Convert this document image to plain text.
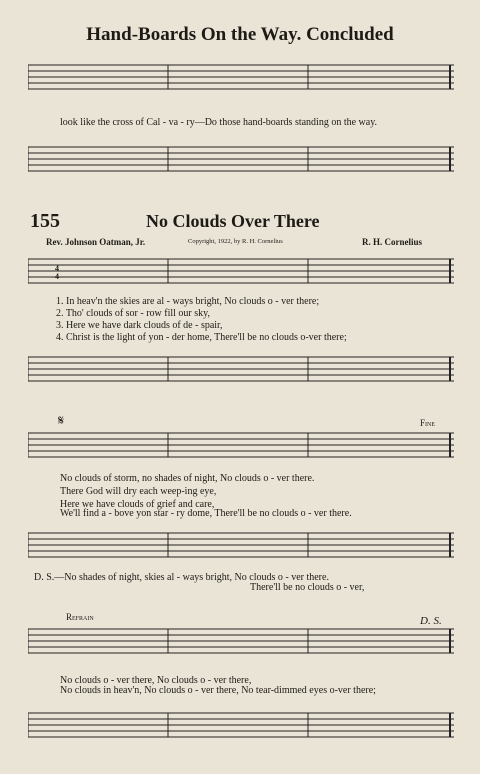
Hand-Boards On the Way. Concluded
look like the cross of Cal - va - ry—Do those hand-boards standing on the way.
155	No Clouds Over There
Rev. Johnson Oatman, Jr.	Copyright, 1922, by R. H. Cornelius	R. H. Cornelius
4 4
1. In heav'n the skies are al - ways bright, No clouds o - ver there;
2. Tho' clouds of sor - row fill our sky,
3. Here we have dark clouds of de - spair,
4. Christ is the light of yon - der home, There'll be no clouds o-ver there;
𝄋	Fine
No clouds of storm, no shades of night, No clouds o - ver there.
There God will dry each weep-ing eye,
Here we have clouds of grief and care,
We'll find a - bove yon star - ry dome, There'll be no clouds o - ver there.
D. S.—No shades of night, skies al - ways bright, No clouds o - ver there.
There'll be no clouds o - ver,
Refrain	D. S.
No clouds o - ver there, No clouds o - ver there,
No clouds in heav'n, No clouds o - ver there, No tear-dimmed eyes o-ver there;
